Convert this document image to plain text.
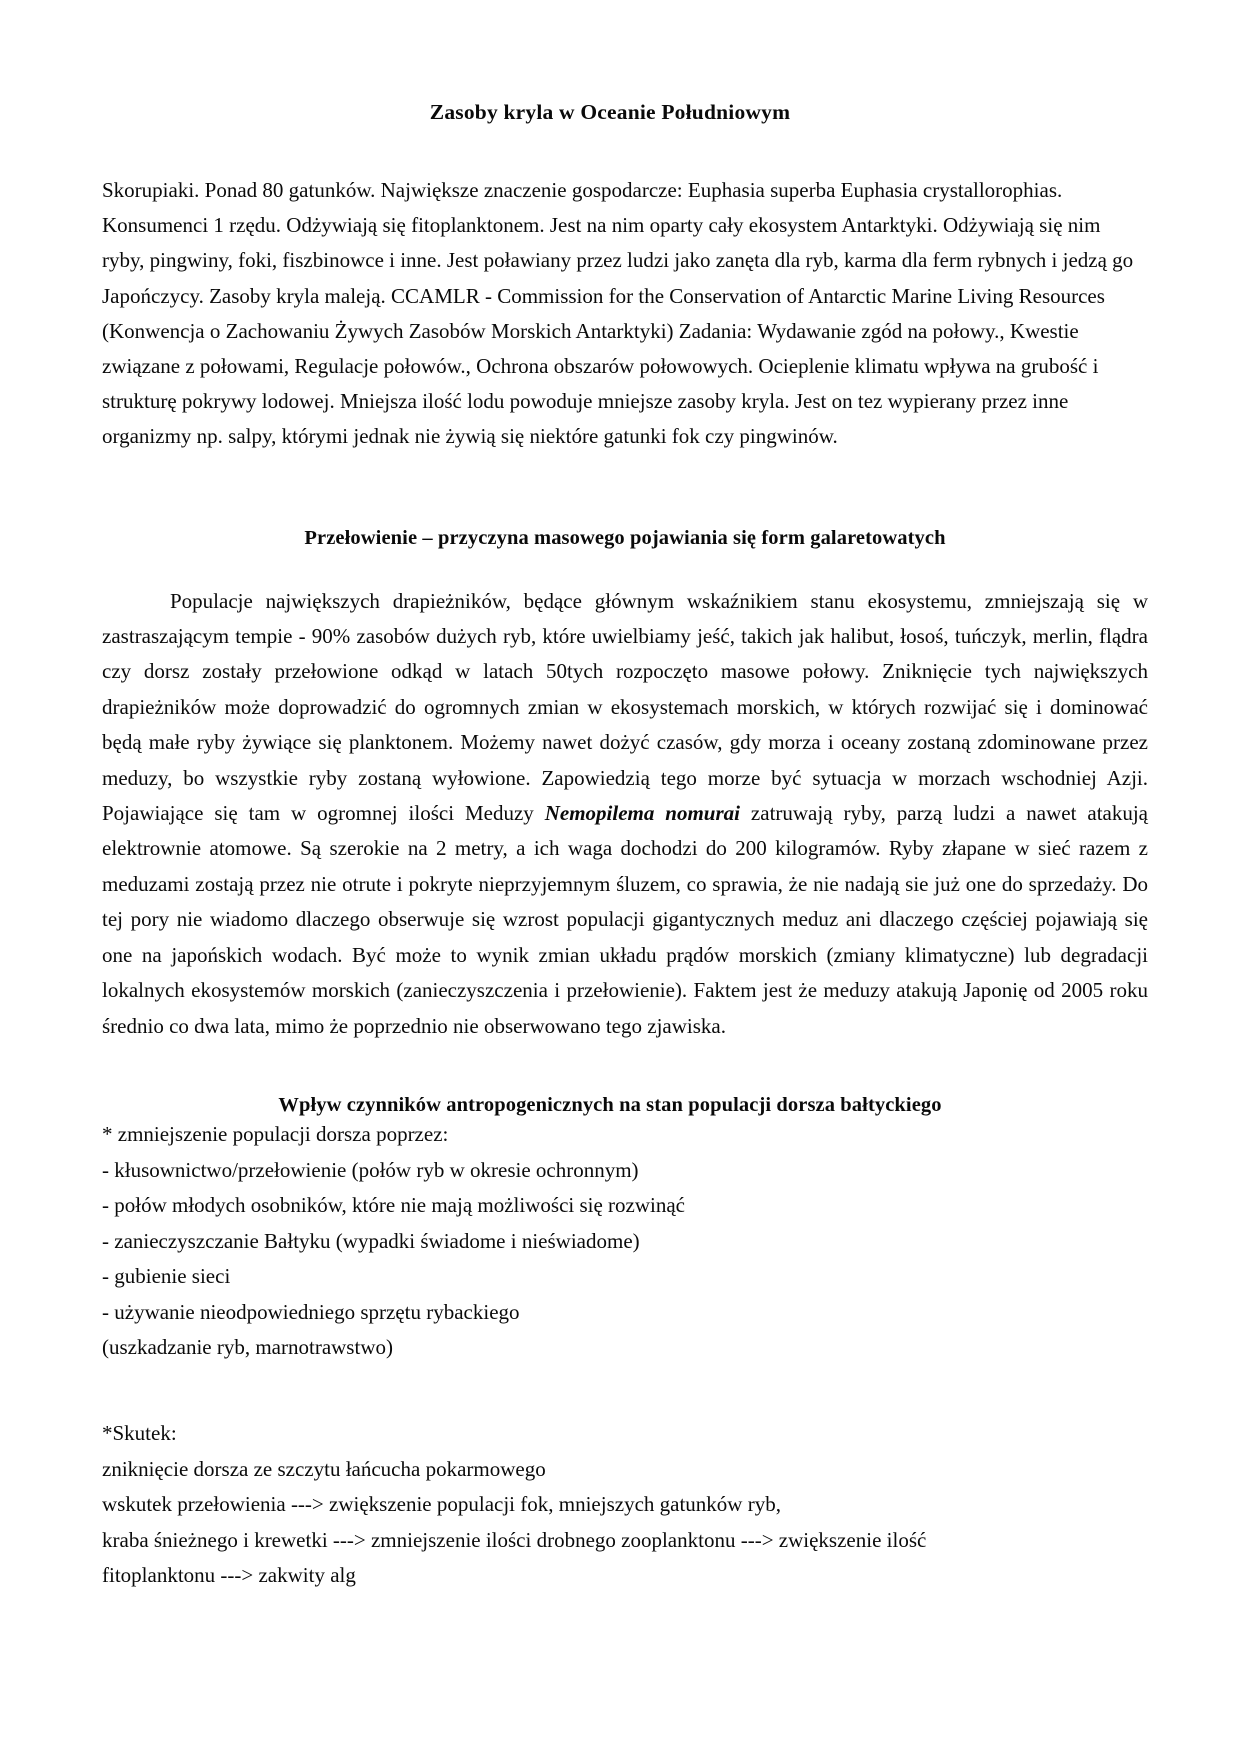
Zasoby kryla w Oceanie Południowym

Skorupiaki. Ponad 80 gatunków. Największe znaczenie gospodarcze: Euphasia superba Euphasia crystallorophias. Konsumenci 1 rzędu. Odżywiają się fitoplanktonem. Jest na nim oparty cały ekosystem Antarktyki. Odżywiają się nim ryby, pingwiny, foki, fiszbinowce i inne. Jest poławiany przez ludzi jako zanęta dla ryb, karma dla ferm rybnych i jedzą go Japończycy. Zasoby kryla maleją. CCAMLR - Commission for the Conservation of Antarctic Marine Living Resources (Konwencja o Zachowaniu Żywych Zasobów Morskich Antarktyki) Zadania: Wydawanie zgód na połowy., Kwestie związane z połowami, Regulacje połowów., Ochrona obszarów połowowych. Ocieplenie klimatu wpływa na grubość i strukturę pokrywy lodowej. Mniejsza ilość lodu powoduje mniejsze zasoby kryla. Jest on tez wypierany przez inne organizmy np. salpy, którymi jednak nie żywią się niektóre gatunki fok czy pingwinów.

Przełowienie – przyczyna masowego pojawiania się form galaretowatych

Populacje największych drapieżników, będące głównym wskaźnikiem stanu ekosystemu, zmniejszają się w zastraszającym tempie - 90% zasobów dużych ryb, które uwielbiamy jeść, takich jak halibut, łosoś, tuńczyk, merlin, flądra czy dorsz zostały przełowione odkąd w latach 50tych rozpoczęto masowe połowy. Zniknięcie tych największych drapieżników może doprowadzić do ogromnych zmian w ekosystemach morskich, w których rozwijać się i dominować będą małe ryby żywiące się planktonem. Możemy nawet dożyć czasów, gdy morza i oceany zostaną zdominowane przez meduzy, bo wszystkie ryby zostaną wyłowione. Zapowiedzią tego morze być sytuacja w morzach wschodniej Azji. Pojawiające się tam w ogromnej ilości Meduzy Nemopilema nomurai zatruwają ryby, parzą ludzi a nawet atakują elektrownie atomowe. Są szerokie na 2 metry, a ich waga dochodzi do 200 kilogramów. Ryby złapane w sieć razem z meduzami zostają przez nie otrute i pokryte nieprzyjemnym śluzem, co sprawia, że nie nadają sie już one do sprzedaży. Do tej pory nie wiadomo dlaczego obserwuje się wzrost populacji gigantycznych meduz ani dlaczego częściej pojawiają się one na japońskich wodach. Być może to wynik zmian układu prądów morskich (zmiany klimatyczne) lub degradacji lokalnych ekosystemów morskich (zanieczyszczenia i przełowienie). Faktem jest że meduzy atakują Japonię od 2005 roku średnio co dwa lata, mimo że poprzednio nie obserwowano tego zjawiska.

Wpływ czynników antropogenicznych na stan populacji dorsza bałtyckiego
* zmniejszenie populacji dorsza poprzez:
- kłusownictwo/przełowienie (połów ryb w okresie ochronnym)
- połów młodych osobników, które nie mają możliwości się rozwinąć
- zanieczyszczanie Bałtyku (wypadki świadome i nieświadome)
- gubienie sieci
- używanie nieodpowiedniego sprzętu rybackiego
(uszkadzanie ryb, marnotrawstwo)
*Skutek:
zniknięcie dorsza ze szczytu łańcucha pokarmowego
wskutek przełowienia ---> zwiększenie populacji fok, mniejszych gatunków ryb,
kraba śnieżnego i krewetki ---> zmniejszenie ilości drobnego zooplanktonu ---> zwiększenie ilość
fitoplanktonu ---> zakwity alg
